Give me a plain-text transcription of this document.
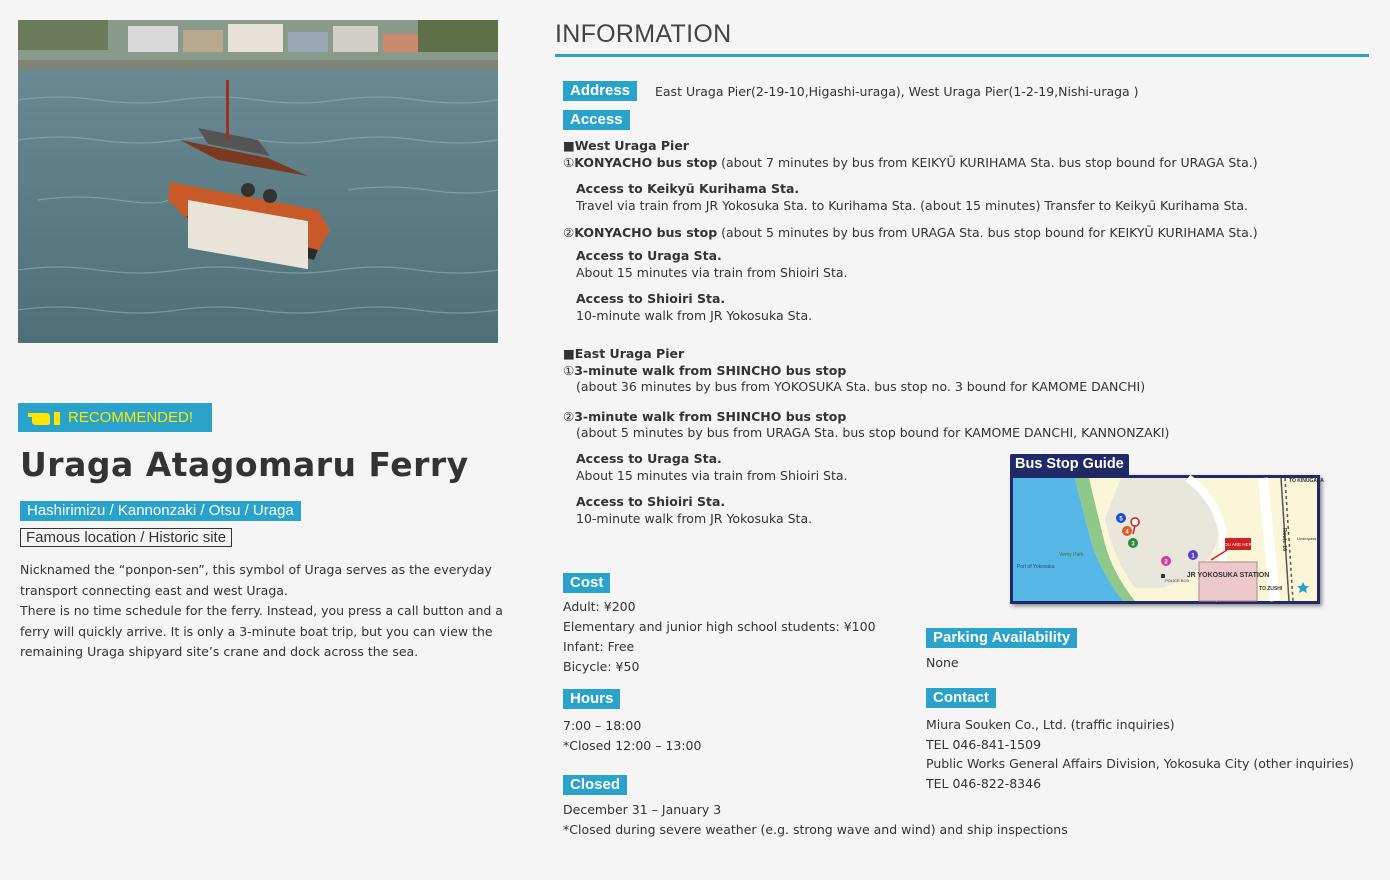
RECOMMENDED!
Uraga Atagomaru Ferry
Hashirimizu / Kannonzaki / Otsu / Uraga
Famous location / Historic site
Nicknamed the “ponpon-sen”, this symbol of Uraga serves as the everyday
transport connecting east and west Uraga.
There is no time schedule for the ferry. Instead, you press a call button and a
ferry will quickly arrive. It is only a 3-minute boat trip, but you can view the
remaining Uraga shipyard site’s crane and dock across the sea.
INFORMATION
Address	East Uraga Pier(2-19-10,Higashi-uraga), West Uraga Pier(1-2-19,Nishi-uraga )
Access
■West Uraga Pier
①KONYACHO bus stop (about 7 minutes by bus from KEIKYŪ KURIHAMA Sta. bus stop bound for URAGA Sta.)
Access to Keikyū Kurihama Sta.
Travel via train from JR Yokosuka Sta. to Kurihama Sta. (about 15 minutes) Transfer to Keikyū Kurihama Sta.
②KONYACHO bus stop (about 5 minutes by bus from URAGA Sta. bus stop bound for KEIKYŪ KURIHAMA Sta.)
Access to Uraga Sta.
About 15 minutes via train from Shioiri Sta.
Access to Shioiri Sta.
10-minute walk from JR Yokosuka Sta.
■East Uraga Pier
①3-minute walk from SHINCHO bus stop
(about 36 minutes by bus from YOKOSUKA Sta. bus stop no. 3 bound for KAMOME DANCHI)
②3-minute walk from SHINCHO bus stop
(about 5 minutes by bus from URAGA Sta. bus stop bound for KAMOME DANCHI, KANNONZAKI)
Access to Uraga Sta.
About 15 minutes via train from Shioiri Sta.
Access to Shioiri Sta.
10-minute walk from JR Yokosuka Sta.
Bus Stop Guide
JR YOKOSUKA STATION
YOU ARE HERE
TO KINUGASA
TO ZUSHI
Route 16	Underpass
Verny Park
Port of Yokosuka
POLICE BOX
1
2
3
4
5
Cost
Adult: ¥200
Elementary and junior high school students: ¥100
Infant: Free
Bicycle: ¥50
Hours
7:00 – 18:00
*Closed 12:00 – 13:00
Closed
December 31 – January 3
*Closed during severe weather (e.g. strong wave and wind) and ship inspections
Parking Availability
None
Contact
Miura Souken Co., Ltd. (traffic inquiries)
TEL 046-841-1509
Public Works General Affairs Division, Yokosuka City (other inquiries)
TEL 046-822-8346
